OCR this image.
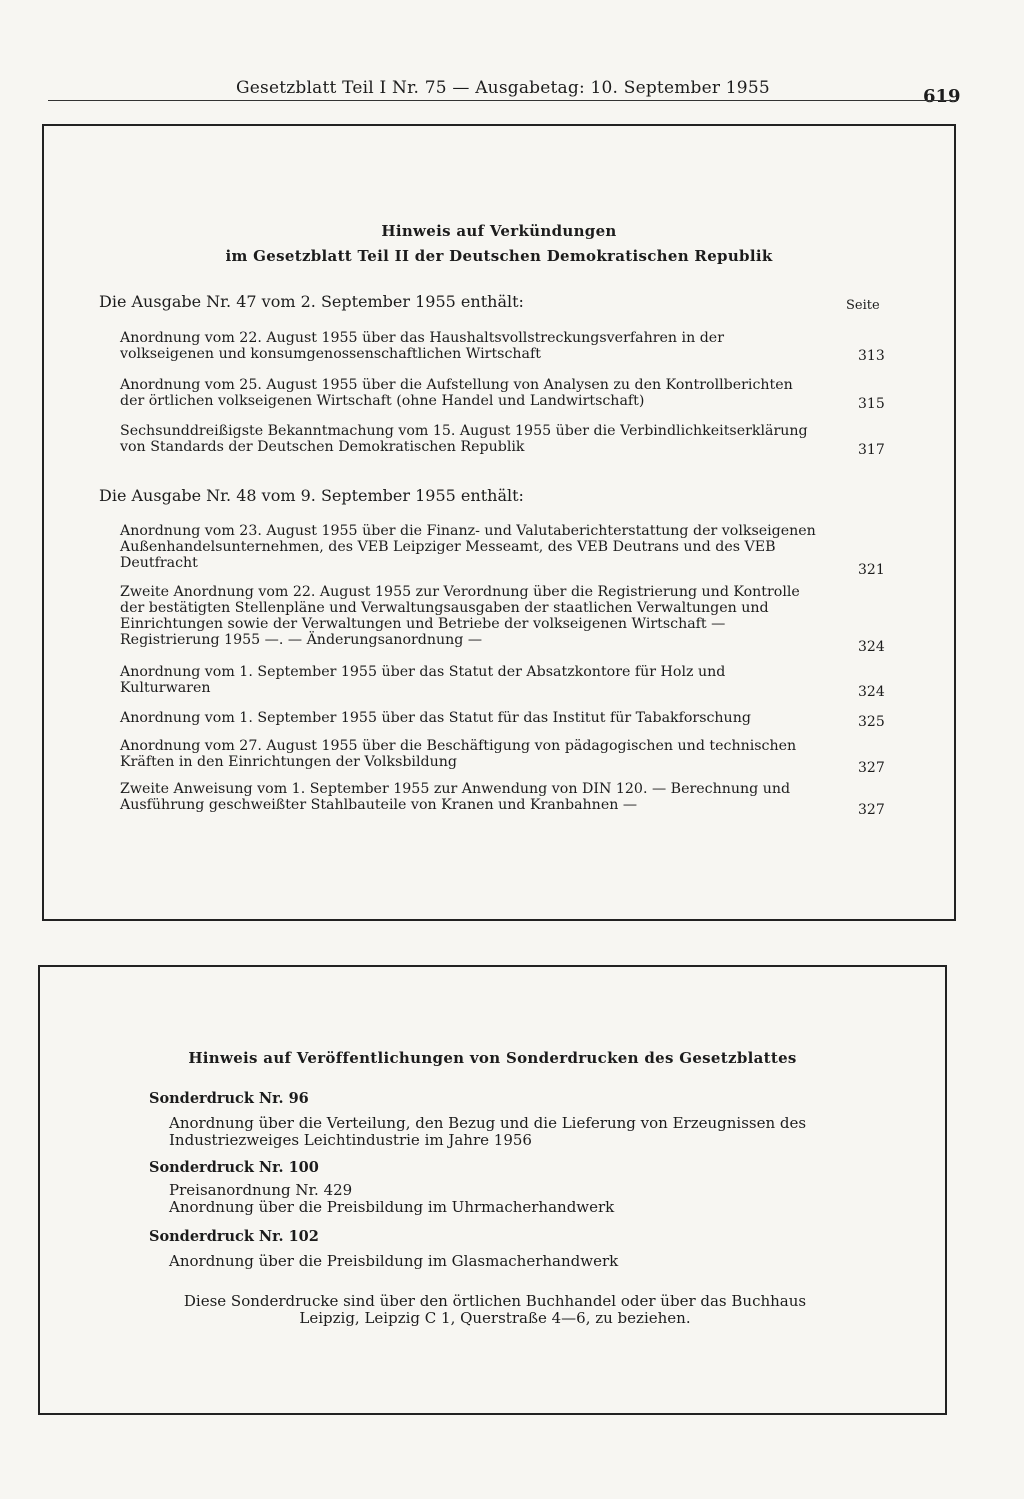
Gesetzblatt Teil I Nr. 75 — Ausgabetag: 10. September 1955	619
Hinweis auf Verkündungen
im Gesetzblatt Teil II der Deutschen Demokratischen Republik
Seite
Die Ausgabe Nr. 47 vom 2. September 1955 enthält:
Anordnung vom 22. August 1955 über das Haushaltsvollstreckungsverfahren in der
volkseigenen und konsumgenossenschaftlichen Wirtschaft	313
Anordnung vom 25. August 1955 über die Aufstellung von Analysen zu den Kontrollberichten der örtlichen volkseigenen Wirtschaft (ohne Handel und Landwirtschaft)	315
Sechsunddreißigste Bekanntmachung vom 15. August 1955 über die Verbindlichkeitserklärung von Standards der Deutschen Demokratischen Republik	317
Die Ausgabe Nr. 48 vom 9. September 1955 enthält:
Anordnung vom 23. August 1955 über die Finanz- und Valutaberichterstattung der volkseigenen Außenhandelsunternehmen, des VEB Leipziger Messeamt, des VEB Deutrans und des VEB Deutfracht	321
Zweite Anordnung vom 22. August 1955 zur Verordnung über die Registrierung und Kontrolle der bestätigten Stellenpläne und Verwaltungsausgaben der staatlichen Verwaltungen und Einrichtungen sowie der Verwaltungen und Betriebe der volkseigenen Wirtschaft — Registrierung 1955 —. — Änderungsanordnung —	324
Anordnung vom 1. September 1955 über das Statut der Absatzkontore für Holz und Kulturwaren	324
Anordnung vom 1. September 1955 über das Statut für das Institut für Tabakforschung	325
Anordnung vom 27. August 1955 über die Beschäftigung von pädagogischen und technischen Kräften in den Einrichtungen der Volksbildung	327
Zweite Anweisung vom 1. September 1955 zur Anwendung von DIN 120. — Berechnung und Ausführung geschweißter Stahlbauteile von Kranen und Kranbahnen —	327
Hinweis auf Veröffentlichungen von Sonderdrucken des Gesetzblattes
Sonderdruck Nr. 96
Anordnung über die Verteilung, den Bezug und die Lieferung von Erzeugnissen des
Industriezweiges Leichtindustrie im Jahre 1956
Sonderdruck Nr. 100
Preisanordnung Nr. 429
Anordnung über die Preisbildung im Uhrmacherhandwerk
Sonderdruck Nr. 102
Anordnung über die Preisbildung im Glasmacherhandwerk
Diese Sonderdrucke sind über den örtlichen Buchhandel oder über das Buchhaus
Leipzig, Leipzig C 1, Querstraße 4—6, zu beziehen.
